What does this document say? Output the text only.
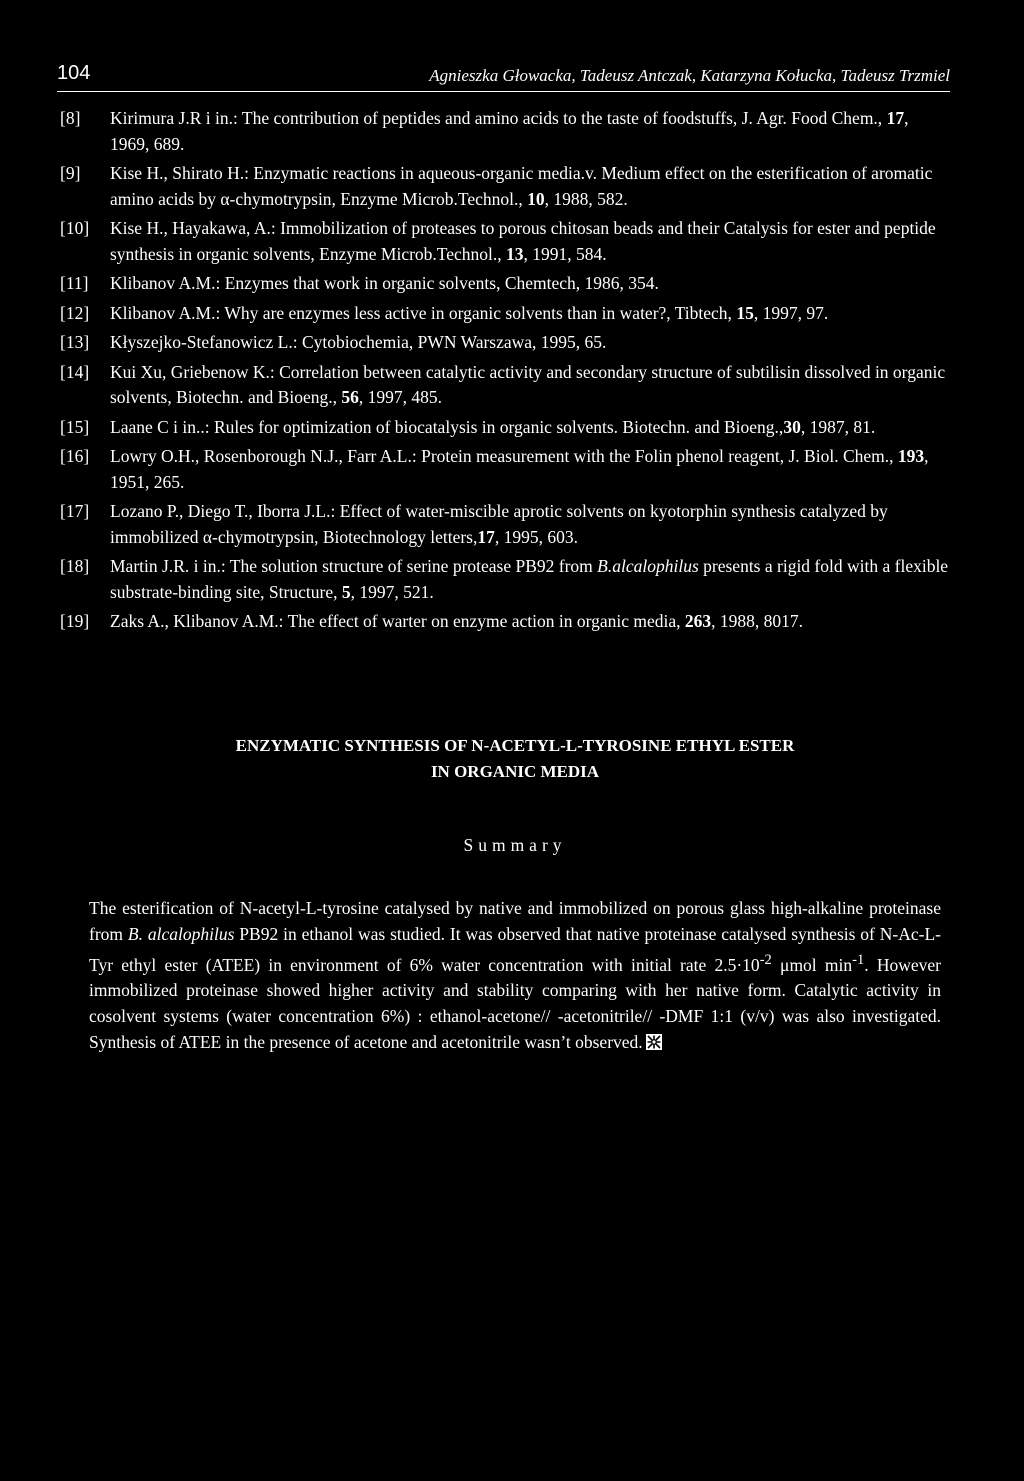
104	Agnieszka Głowacka, Tadeusz Antczak, Katarzyna Kołucka, Tadeusz Trzmiel
[8] Kirimura J.R i in.: The contribution of peptides and amino acids to the taste of foodstuffs, J. Agr. Food Chem., 17, 1969, 689.
[9] Kise H., Shirato H.: Enzymatic reactions in aqueous-organic media.v. Medium effect on the esterification of aromatic amino acids by α-chymotrypsin, Enzyme Microb.Technol., 10, 1988, 582.
[10] Kise H., Hayakawa, A.: Immobilization of proteases to porous chitosan beads and their Catalysis for ester and peptide synthesis in organic solvents, Enzyme Microb.Technol., 13, 1991, 584.
[11] Klibanov A.M.: Enzymes that work in organic solvents, Chemtech, 1986, 354.
[12] Klibanov A.M.: Why are enzymes less active in organic solvents than in water?, Tibtech, 15, 1997, 97.
[13] Kłyszejko-Stefanowicz L.: Cytobiochemia, PWN Warszawa, 1995, 65.
[14] Kui Xu, Griebenow K.: Correlation between catalytic activity and secondary structure of subtilisin dissolved in organic solvents, Biotechn. and Bioeng., 56, 1997, 485.
[15] Laane C i in..: Rules for optimization of biocatalysis in organic solvents. Biotechn. and Bioeng.,30, 1987, 81.
[16] Lowry O.H., Rosenborough N.J., Farr A.L.: Protein measurement with the Folin phenol reagent, J. Biol. Chem., 193, 1951, 265.
[17] Lozano P., Diego T., Iborra J.L.: Effect of water-miscible aprotic solvents on kyotorphin synthesis catalyzed by immobilized α-chymotrypsin, Biotechnology letters,17, 1995, 603.
[18] Martin J.R. i in.: The solution structure of serine protease PB92 from B.alcalophilus presents a rigid fold with a flexible substrate-binding site, Structure, 5, 1997, 521.
[19] Zaks A., Klibanov A.M.: The effect of warter on enzyme action in organic media, 263, 1988, 8017.

ENZYMATIC SYNTHESIS OF N-ACETYL-L-TYROSINE ETHYL ESTER
IN ORGANIC MEDIA

Summary

The esterification of N-acetyl-L-tyrosine catalysed by native and immobilized on porous glass high-alkaline proteinase from B. alcalophilus PB92 in ethanol was studied. It was observed that native proteinase catalysed synthesis of N-Ac-L-Tyr ethyl ester (ATEE) in environment of 6% water concentration with initial rate $2.5\cdot 10^{-2}$ μmol $\min^{-1}$. However immobilized proteinase showed higher activity and stability comparing with her native form. Catalytic activity in cosolvent systems (water concentration 6%) : ethanol-acetone// -acetonitrile// -DMF 1:1 (v/v) was also investigated. Synthesis of ATEE in the presence of acetone and acetonitrile wasn’t observed.
